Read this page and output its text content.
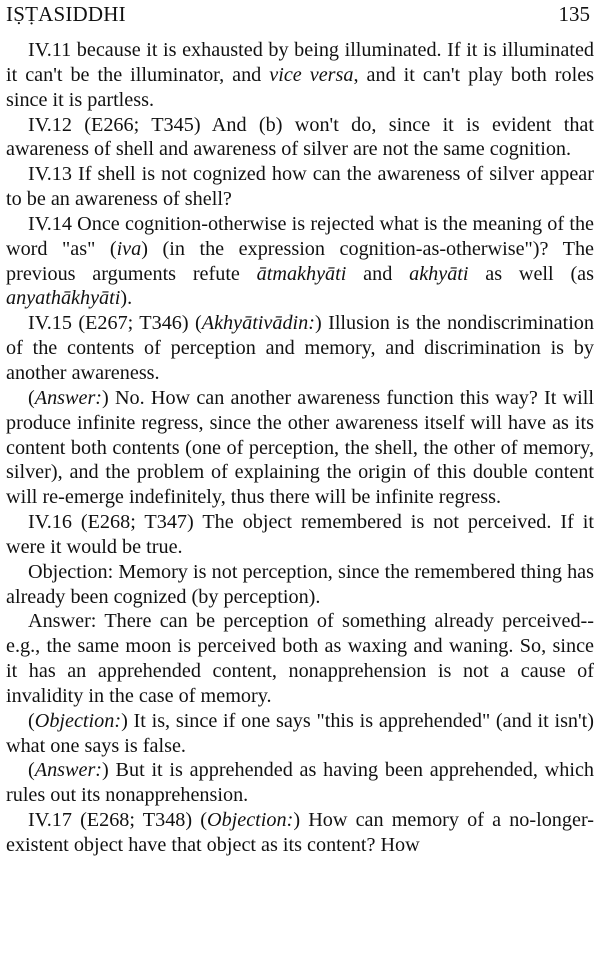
IṢṬASIDDHI	135

IV.11 because it is exhausted by being illuminated. If it is illuminated it can't be the illuminator, and vice versa, and it can't play both roles since it is partless.

IV.12 (E266; T345) And (b) won't do, since it is evident that awareness of shell and awareness of silver are not the same cognition.

IV.13 If shell is not cognized how can the awareness of silver appear to be an awareness of shell?

IV.14 Once cognition-otherwise is rejected what is the meaning of the word "as" (iva) (in the expression cognition-as-otherwise")? The previous arguments refute ātmakhyāti and akhyāti as well (as anyathākhyāti).

IV.15 (E267; T346) (Akhyātivādin:) Illusion is the nondiscrimination of the contents of perception and memory, and discrimination is by another awareness.

(Answer:) No. How can another awareness function this way? It will produce infinite regress, since the other awareness itself will have as its content both contents (one of perception, the shell, the other of memory, silver), and the problem of explaining the origin of this double content will re-emerge indefinitely, thus there will be infinite regress.

IV.16 (E268; T347) The object remembered is not perceived. If it were it would be true.

Objection: Memory is not perception, since the remembered thing has already been cognized (by perception).

Answer: There can be perception of something already perceived--e.g., the same moon is perceived both as waxing and waning. So, since it has an apprehended content, nonapprehension is not a cause of invalidity in the case of memory.

(Objection:) It is, since if one says "this is apprehended" (and it isn't) what one says is false.

(Answer:) But it is apprehended as having been apprehended, which rules out its nonapprehension.

IV.17 (E268; T348) (Objection:) How can memory of a no-longer-existent object have that object as its content? How
